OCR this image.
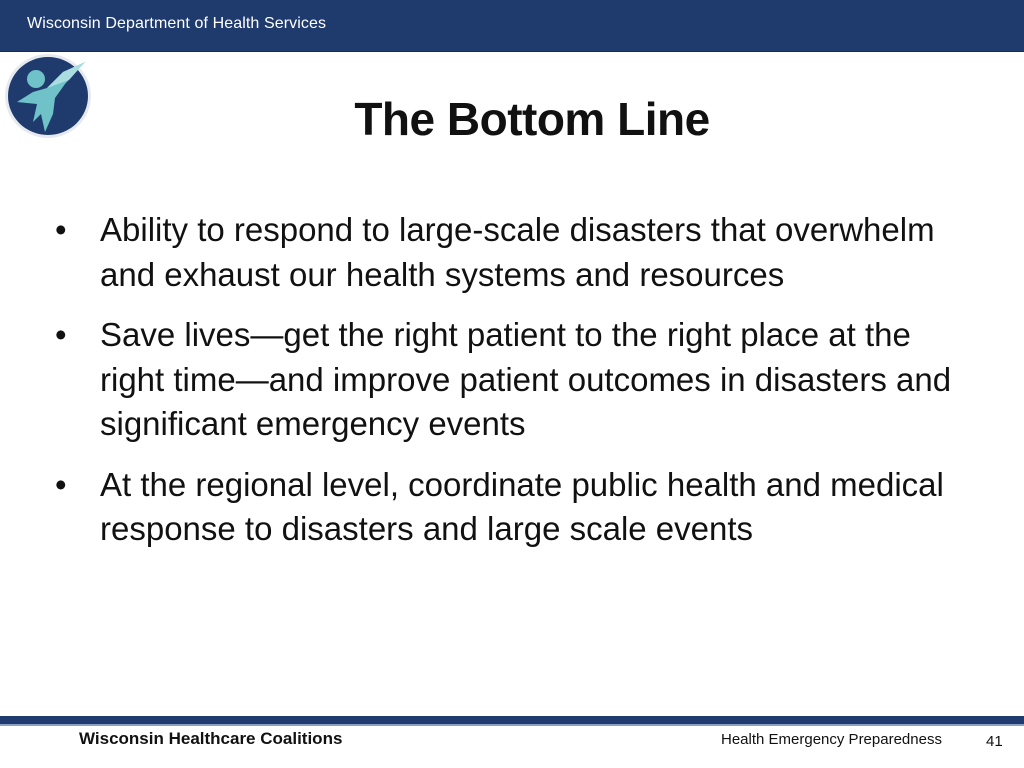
Wisconsin Department of Health Services
The Bottom Line
• Ability to respond to large-scale disasters that overwhelm and exhaust our health systems and resources
• Save lives—get the right patient to the right place at the right time—and improve patient outcomes in disasters and significant emergency events
• At the regional level, coordinate public health and medical response to disasters and large scale events
Wisconsin Healthcare Coalitions	Health Emergency Preparedness	41
